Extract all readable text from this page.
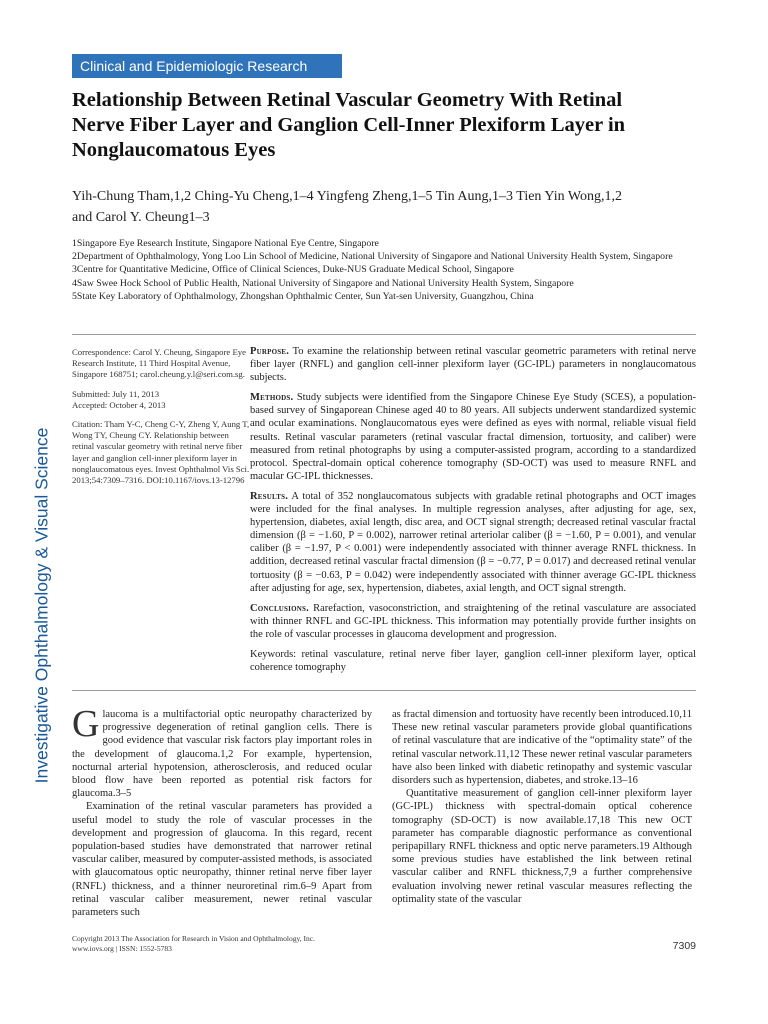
Investigative Ophthalmology & Visual Science
Clinical and Epidemiologic Research
Relationship Between Retinal Vascular Geometry With Retinal Nerve Fiber Layer and Ganglion Cell-Inner Plexiform Layer in Nonglaucomatous Eyes
Yih-Chung Tham,1,2 Ching-Yu Cheng,1–4 Yingfeng Zheng,1–5 Tin Aung,1–3 Tien Yin Wong,1,2
and Carol Y. Cheung1–3
1Singapore Eye Research Institute, Singapore National Eye Centre, Singapore
2Department of Ophthalmology, Yong Loo Lin School of Medicine, National University of Singapore and National University Health System, Singapore
3Centre for Quantitative Medicine, Office of Clinical Sciences, Duke-NUS Graduate Medical School, Singapore
4Saw Swee Hock School of Public Health, National University of Singapore and National University Health System, Singapore
5State Key Laboratory of Ophthalmology, Zhongshan Ophthalmic Center, Sun Yat-sen University, Guangzhou, China

Correspondence: Carol Y. Cheung, Singapore Eye Research Institute, 11 Third Hospital Avenue, Singapore 168751; carol.cheung.y.l@seri.com.sg.

Submitted: July 11, 2013
Accepted: October 4, 2013

Citation: Tham Y-C, Cheng C-Y, Zheng Y, Aung T, Wong TY, Cheung CY. Relationship between retinal vascular geometry with retinal nerve fiber layer and ganglion cell-inner plexiform layer in nonglaucomatous eyes. Invest Ophthalmol Vis Sci. 2013;54:7309–7316. DOI:10.1167/iovs.13-12796

Purpose. To examine the relationship between retinal vascular geometric parameters with retinal nerve fiber layer (RNFL) and ganglion cell-inner plexiform layer (GC-IPL) parameters in nonglaucomatous subjects.

Methods. Study subjects were identified from the Singapore Chinese Eye Study (SCES), a population-based survey of Singaporean Chinese aged 40 to 80 years. All subjects underwent standardized systemic and ocular examinations. Nonglaucomatous eyes were defined as eyes with normal, reliable visual field results. Retinal vascular parameters (retinal vascular fractal dimension, tortuosity, and caliber) were measured from retinal photographs by using a computer-assisted program, according to a standardized protocol. Spectral-domain optical coherence tomography (SD-OCT) was used to measure RNFL and macular GC-IPL thicknesses.

Results. A total of 352 nonglaucomatous subjects with gradable retinal photographs and OCT images were included for the final analyses. In multiple regression analyses, after adjusting for age, sex, hypertension, diabetes, axial length, disc area, and OCT signal strength; decreased retinal vascular fractal dimension (β = −1.60, P = 0.002), narrower retinal arteriolar caliber (β = −1.60, P = 0.001), and venular caliber (β = −1.97, P < 0.001) were independently associated with thinner average RNFL thickness. In addition, decreased retinal vascular fractal dimension (β = −0.77, P = 0.017) and decreased retinal venular tortuosity (β = −0.63, P = 0.042) were independently associated with thinner average GC-IPL thickness after adjusting for age, sex, hypertension, diabetes, axial length, and OCT signal strength.

Conclusions. Rarefaction, vasoconstriction, and straightening of the retinal vasculature are associated with thinner RNFL and GC-IPL thickness. This information may potentially provide further insights on the role of vascular processes in glaucoma development and progression.

Keywords: retinal vasculature, retinal nerve fiber layer, ganglion cell-inner plexiform layer, optical coherence tomography

Glaucoma is a multifactorial optic neuropathy characterized by progressive degeneration of retinal ganglion cells. There is good evidence that vascular risk factors play important roles in the development of glaucoma.1,2 For example, hypertension, nocturnal arterial hypotension, atherosclerosis, and reduced ocular blood flow have been reported as potential risk factors for glaucoma.3–5

Examination of the retinal vascular parameters has provided a useful model to study the role of vascular processes in the development and progression of glaucoma. In this regard, recent population-based studies have demonstrated that narrower retinal vascular caliber, measured by computer-assisted methods, is associated with glaucomatous optic neuropathy, thinner retinal nerve fiber layer (RNFL) thickness, and a thinner neuroretinal rim.6–9 Apart from retinal vascular caliber measurement, newer retinal vascular parameters such

as fractal dimension and tortuosity have recently been introduced.10,11 These new retinal vascular parameters provide global quantifications of retinal vasculature that are indicative of the “optimality state” of the retinal vascular network.11,12 These newer retinal vascular parameters have also been linked with diabetic retinopathy and systemic vascular disorders such as hypertension, diabetes, and stroke.13–16

Quantitative measurement of ganglion cell-inner plexiform layer (GC-IPL) thickness with spectral-domain optical coherence tomography (SD-OCT) is now available.17,18 This new OCT parameter has comparable diagnostic performance as conventional peripapillary RNFL thickness and optic nerve parameters.19 Although some previous studies have established the link between retinal vascular caliber and RNFL thickness,7,9 a further comprehensive evaluation involving newer retinal vascular measures reflecting the optimality state of the vascular

Copyright 2013 The Association for Research in Vision and Ophthalmology, Inc.
www.iovs.org | ISSN: 1552-5783	7309
